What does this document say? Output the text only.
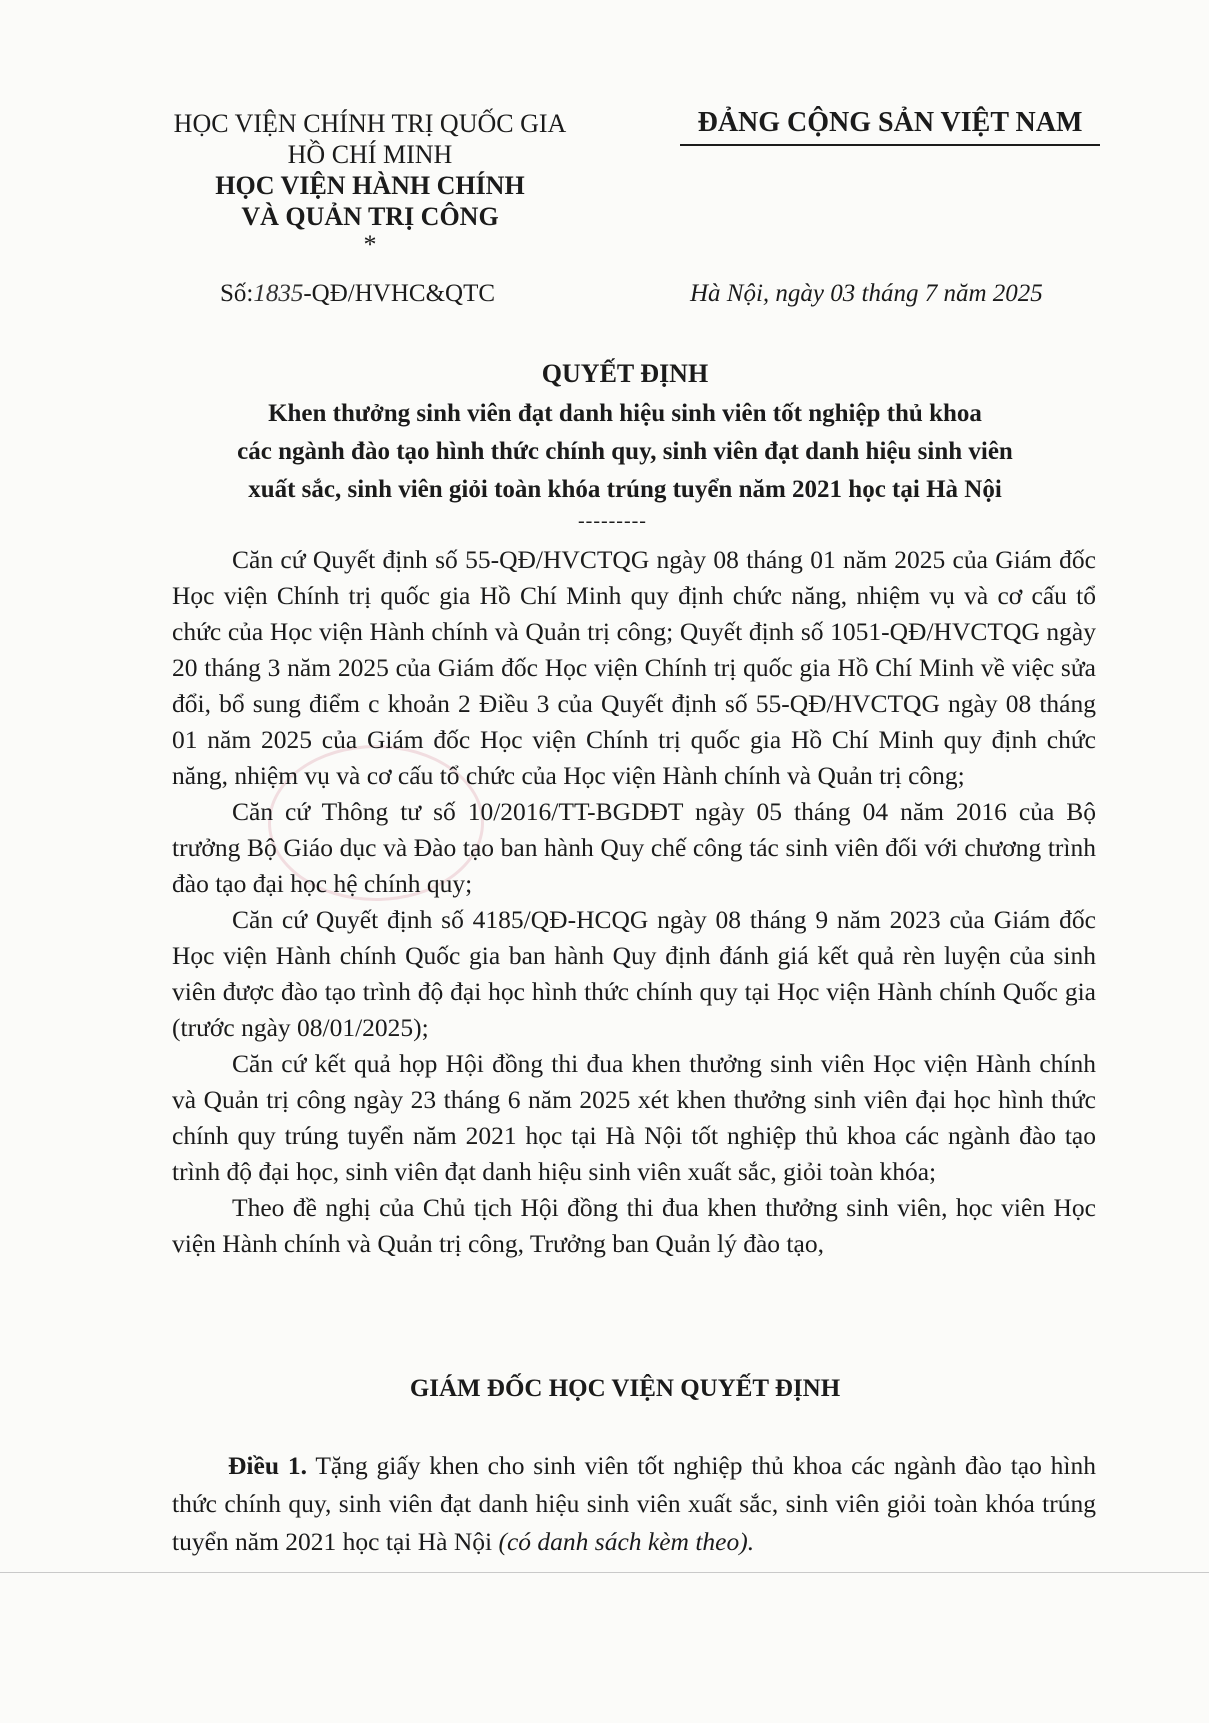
HỌC VIỆN CHÍNH TRỊ QUỐC GIA
HỒ CHÍ MINH
HỌC VIỆN HÀNH CHÍNH
VÀ QUẢN TRỊ CÔNG
*
ĐẢNG CỘNG SẢN VIỆT NAM
Số:1835-QĐ/HVHC&QTC	Hà Nội, ngày 03 tháng 7 năm 2025
QUYẾT ĐỊNH
Khen thưởng sinh viên đạt danh hiệu sinh viên tốt nghiệp thủ khoa
các ngành đào tạo hình thức chính quy, sinh viên đạt danh hiệu sinh viên
xuất sắc, sinh viên giỏi toàn khóa trúng tuyển năm 2021 học tại Hà Nội
---------

Căn cứ Quyết định số 55-QĐ/HVCTQG ngày 08 tháng 01 năm 2025 của Giám đốc Học viện Chính trị quốc gia Hồ Chí Minh quy định chức năng, nhiệm vụ và cơ cấu tổ chức của Học viện Hành chính và Quản trị công; Quyết định số 1051-QĐ/HVCTQG ngày 20 tháng 3 năm 2025 của Giám đốc Học viện Chính trị quốc gia Hồ Chí Minh về việc sửa đổi, bổ sung điểm c khoản 2 Điều 3 của Quyết định số 55-QĐ/HVCTQG ngày 08 tháng 01 năm 2025 của Giám đốc Học viện Chính trị quốc gia Hồ Chí Minh quy định chức năng, nhiệm vụ và cơ cấu tổ chức của Học viện Hành chính và Quản trị công;

Căn cứ Thông tư số 10/2016/TT-BGDĐT ngày 05 tháng 04 năm 2016 của Bộ trưởng Bộ Giáo dục và Đào tạo ban hành Quy chế công tác sinh viên đối với chương trình đào tạo đại học hệ chính quy;

Căn cứ Quyết định số 4185/QĐ-HCQG ngày 08 tháng 9 năm 2023 của Giám đốc Học viện Hành chính Quốc gia ban hành Quy định đánh giá kết quả rèn luyện của sinh viên được đào tạo trình độ đại học hình thức chính quy tại Học viện Hành chính Quốc gia (trước ngày 08/01/2025);

Căn cứ kết quả họp Hội đồng thi đua khen thưởng sinh viên Học viện Hành chính và Quản trị công ngày 23 tháng 6 năm 2025 xét khen thưởng sinh viên đại học hình thức chính quy trúng tuyển năm 2021 học tại Hà Nội tốt nghiệp thủ khoa các ngành đào tạo trình độ đại học, sinh viên đạt danh hiệu sinh viên xuất sắc, giỏi toàn khóa;

Theo đề nghị của Chủ tịch Hội đồng thi đua khen thưởng sinh viên, học viên Học viện Hành chính và Quản trị công, Trưởng ban Quản lý đào tạo,

GIÁM ĐỐC HỌC VIỆN QUYẾT ĐỊNH

Điều 1. Tặng giấy khen cho sinh viên tốt nghiệp thủ khoa các ngành đào tạo hình thức chính quy, sinh viên đạt danh hiệu sinh viên xuất sắc, sinh viên giỏi toàn khóa trúng tuyển năm 2021 học tại Hà Nội (có danh sách kèm theo).
